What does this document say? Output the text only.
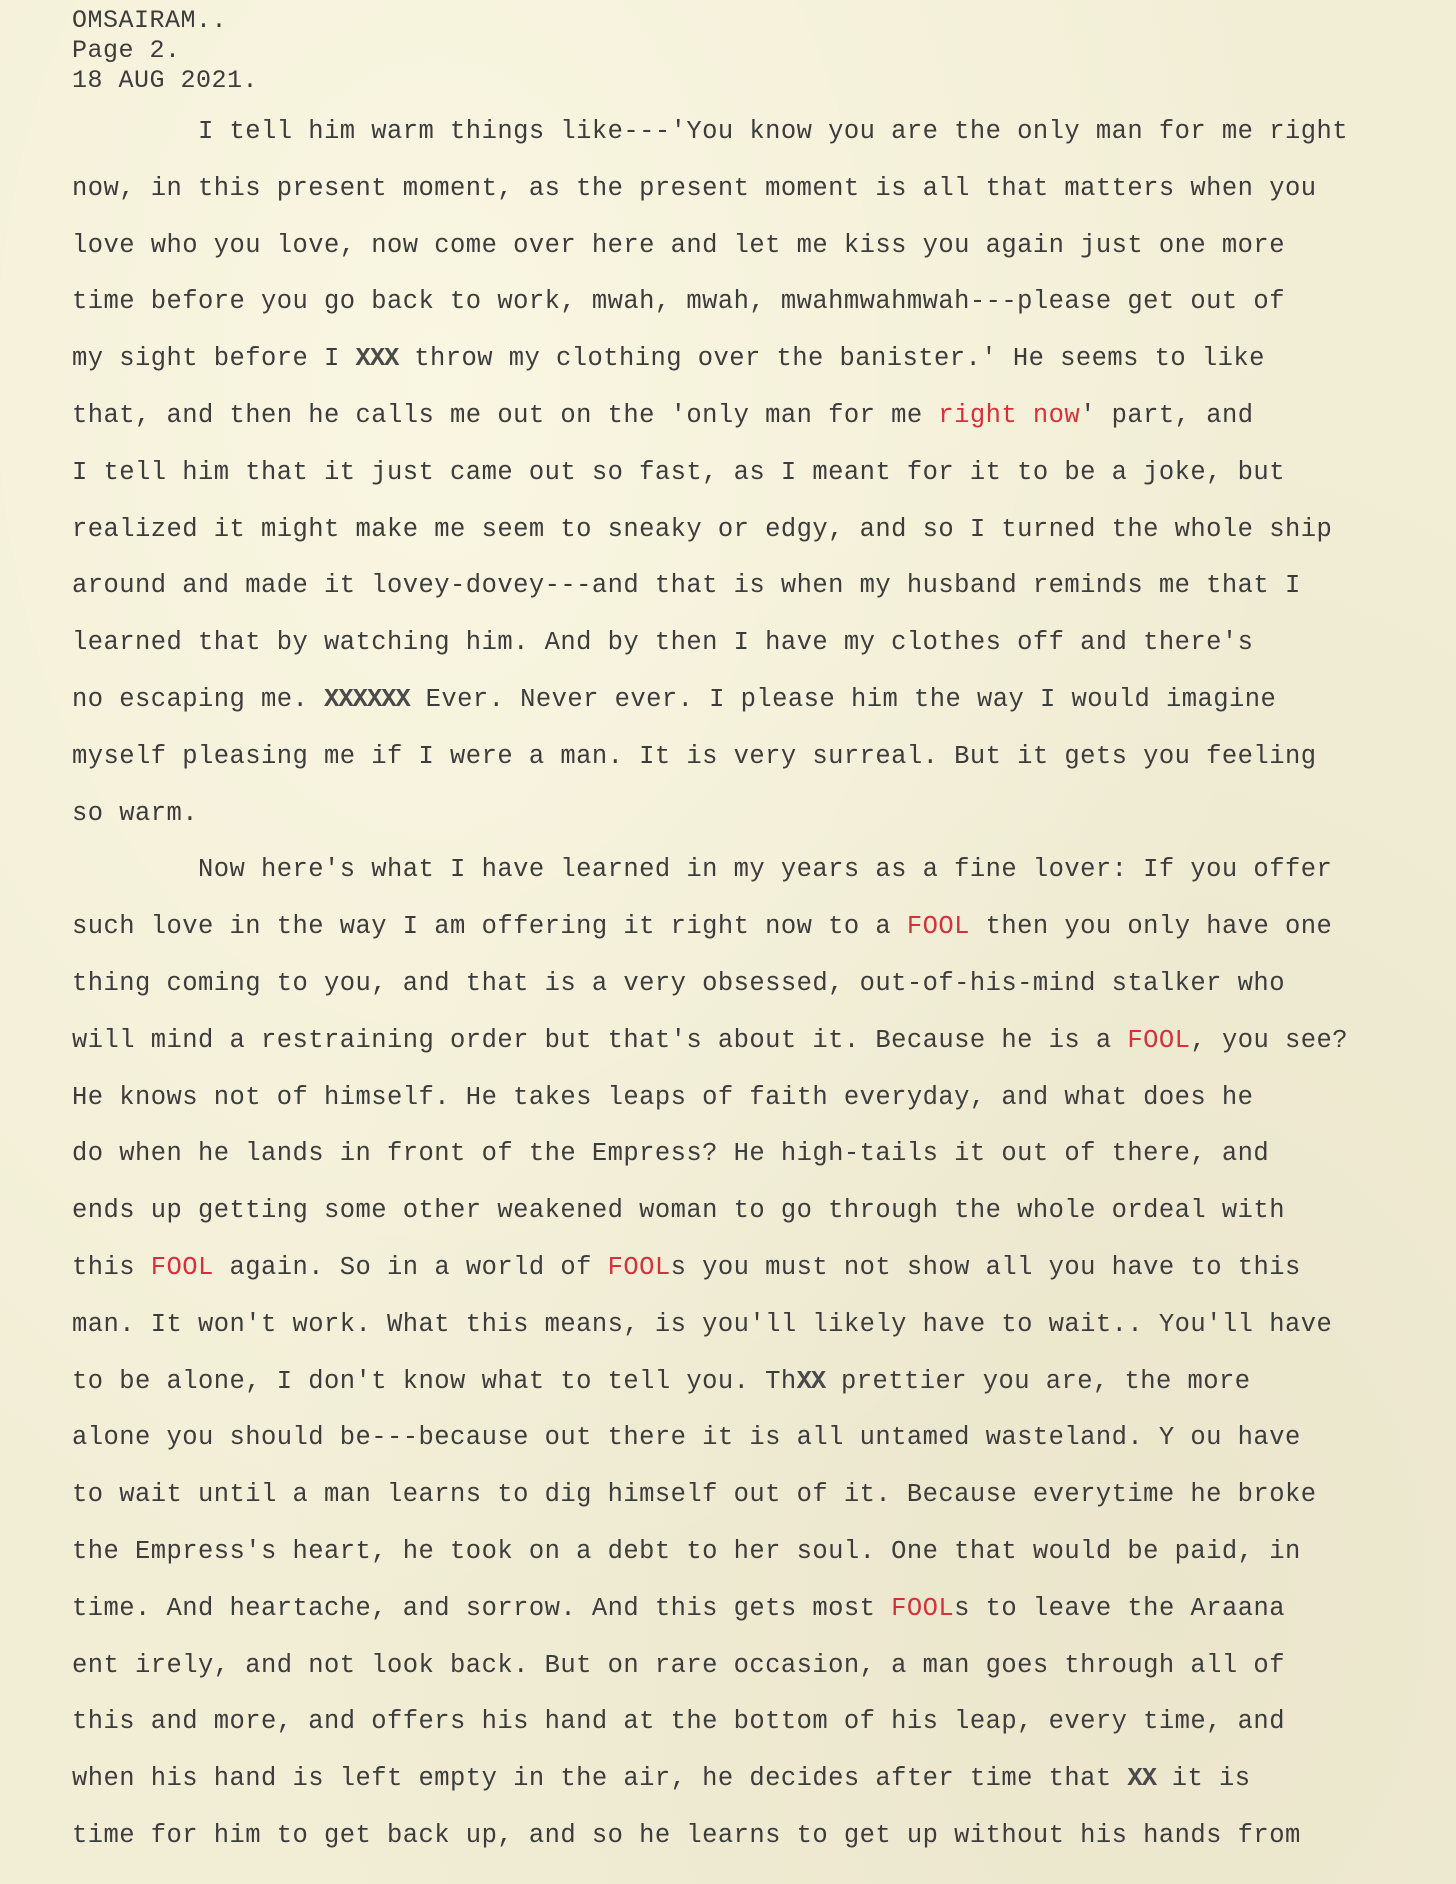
OMSAIRAM..
Page 2.
18 AUG 2021.
I tell him warm things like---'You know you are the only man for me right
now, in this present moment, as the present moment is all that matters when you
love who you love, now come over here and let me kiss you again just one more
time before you go back to work, mwah, mwah, mwahmwahmwah---please get out of
my sight before I XXX throw my clothing over the banister.' He seems to like
that, and then he calls me out on the 'only man for me right now' part, and
I tell him that it just came out so fast, as I meant for it to be a joke, but
realized it might make me seem to sneaky or edgy, and so I turned the whole ship
around and made it lovey-dovey---and that is when my husband reminds me that I
learned that by watching him. And by then I have my clothes off and there's
no escaping me. XXXXXX Ever. Never ever. I please him the way I would imagine
myself pleasing me if I were a man. It is very surreal. But it gets you feeling
so warm.
Now here's what I have learned in my years as a fine lover: If you offer
such love in the way I am offering it right now to a FOOL then you only have one
thing coming to you, and that is a very obsessed, out-of-his-mind stalker who
will mind a restraining order but that's about it. Because he is a FOOL, you see?
He knows not of himself. He takes leaps of faith everyday, and what does he
do when he lands in front of the Empress? He high-tails it out of there, and
ends up getting some other weakened woman to go through the whole ordeal with
this FOOL again. So in a world of FOOLs you must not show all you have to this
man. It won't work. What this means, is you'll likely have to wait.. You'll have
to be alone, I don't know what to tell you. ThXX prettier you are, the more
alone you should be---because out there it is all untamed wasteland. Y ou have
to wait until a man learns to dig himself out of it. Because everytime he broke
the Empress's heart, he took on a debt to her soul. One that would be paid, in
time. And heartache, and sorrow. And this gets most FOOLs to leave the Araana
ent irely, and not look back. But on rare occasion, a man goes through all of
this and more, and offers his hand at the bottom of his leap, every time, and
when his hand is left empty in the air, he decides after time that XX it is
time for him to get back up, and so he learns to get up without his hands from
